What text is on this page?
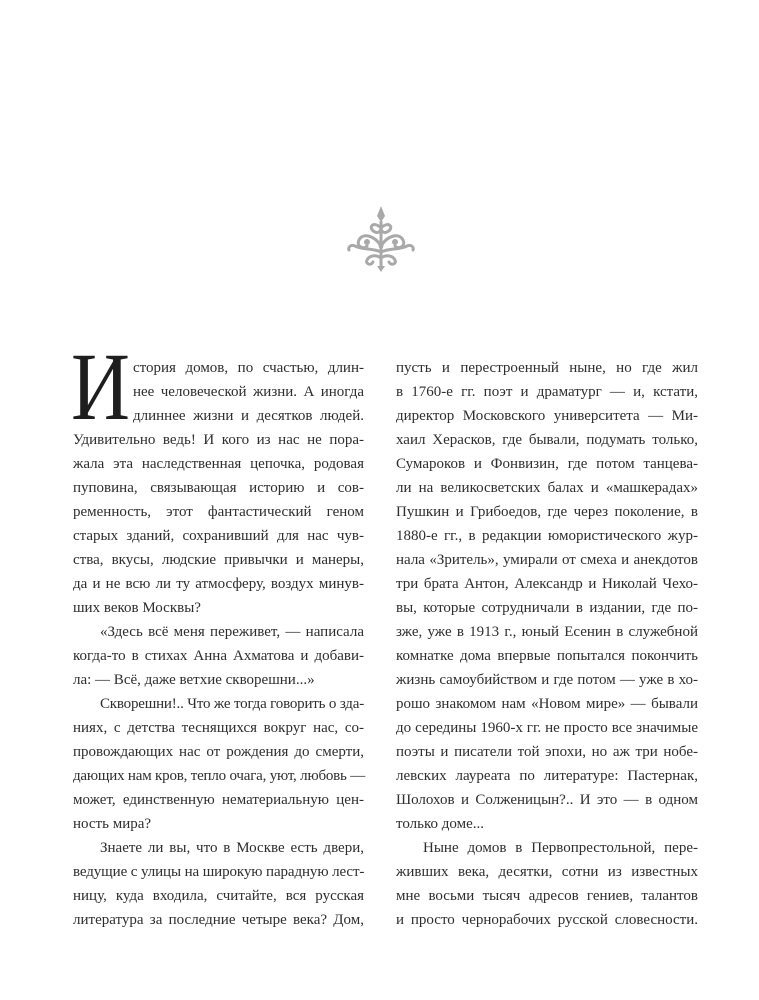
И стория домов, по счастью, длин-
нее человеческой жизни. А иногда
длиннее жизни и десятков людей.
Удивительно ведь! И кого из нас не пора-
жала эта наследственная цепочка, родовая
пуповина, связывающая историю и сов-
ременность, этот фантастический геном
старых зданий, сохранивший для нас чув-
ства, вкусы, людские привычки и манеры,
да и не всю ли ту атмосферу, воздух минув-
ших веков Москвы?
«Здесь всё меня переживет, — написала
когда-то в стихах Анна Ахматова и добави-
ла: — Всё, даже ветхие скворешни...»
Скворешни!.. Что же тогда говорить о зда-
ниях, с детства теснящихся вокруг нас, со-
провождающих нас от рождения до смерти,
дающих нам кров, тепло очага, уют, любовь —
может, единственную нематериальную цен-
ность мира?
Знаете ли вы, что в Москве есть двери,
ведущие с улицы на широкую парадную лест-
ницу, куда входила, считайте, вся русская
литература за последние четыре века? Дом,
пусть и перестроенный ныне, но где жил
в 1760-е гг. поэт и драматург — и, кстати,
директор Московского университета — Ми-
хаил Херасков, где бывали, подумать только,
Сумароков и Фонвизин, где потом танцева-
ли на великосветских балах и «машкерадах»
Пушкин и Грибоедов, где через поколение, в
1880-е гг., в редакции юмористического жур-
нала «Зритель», умирали от смеха и анекдотов
три брата Антон, Александр и Николай Чехо-
вы, которые сотрудничали в издании, где по-
зже, уже в 1913 г., юный Есенин в служебной
комнатке дома впервые попытался покончить
жизнь самоубийством и где потом — уже в хо-
рошо знакомом нам «Новом мире» — бывали
до середины 1960-х гг. не просто все значимые
поэты и писатели той эпохи, но аж три нобе-
левских лауреата по литературе: Пастернак,
Шолохов и Солженицын?.. И это — в одном
только доме...
Ныне домов в Первопрестольной, пере-
живших века, десятки, сотни из известных
мне восьми тысяч адресов гениев, талантов
и просто чернорабочих русской словесности.
